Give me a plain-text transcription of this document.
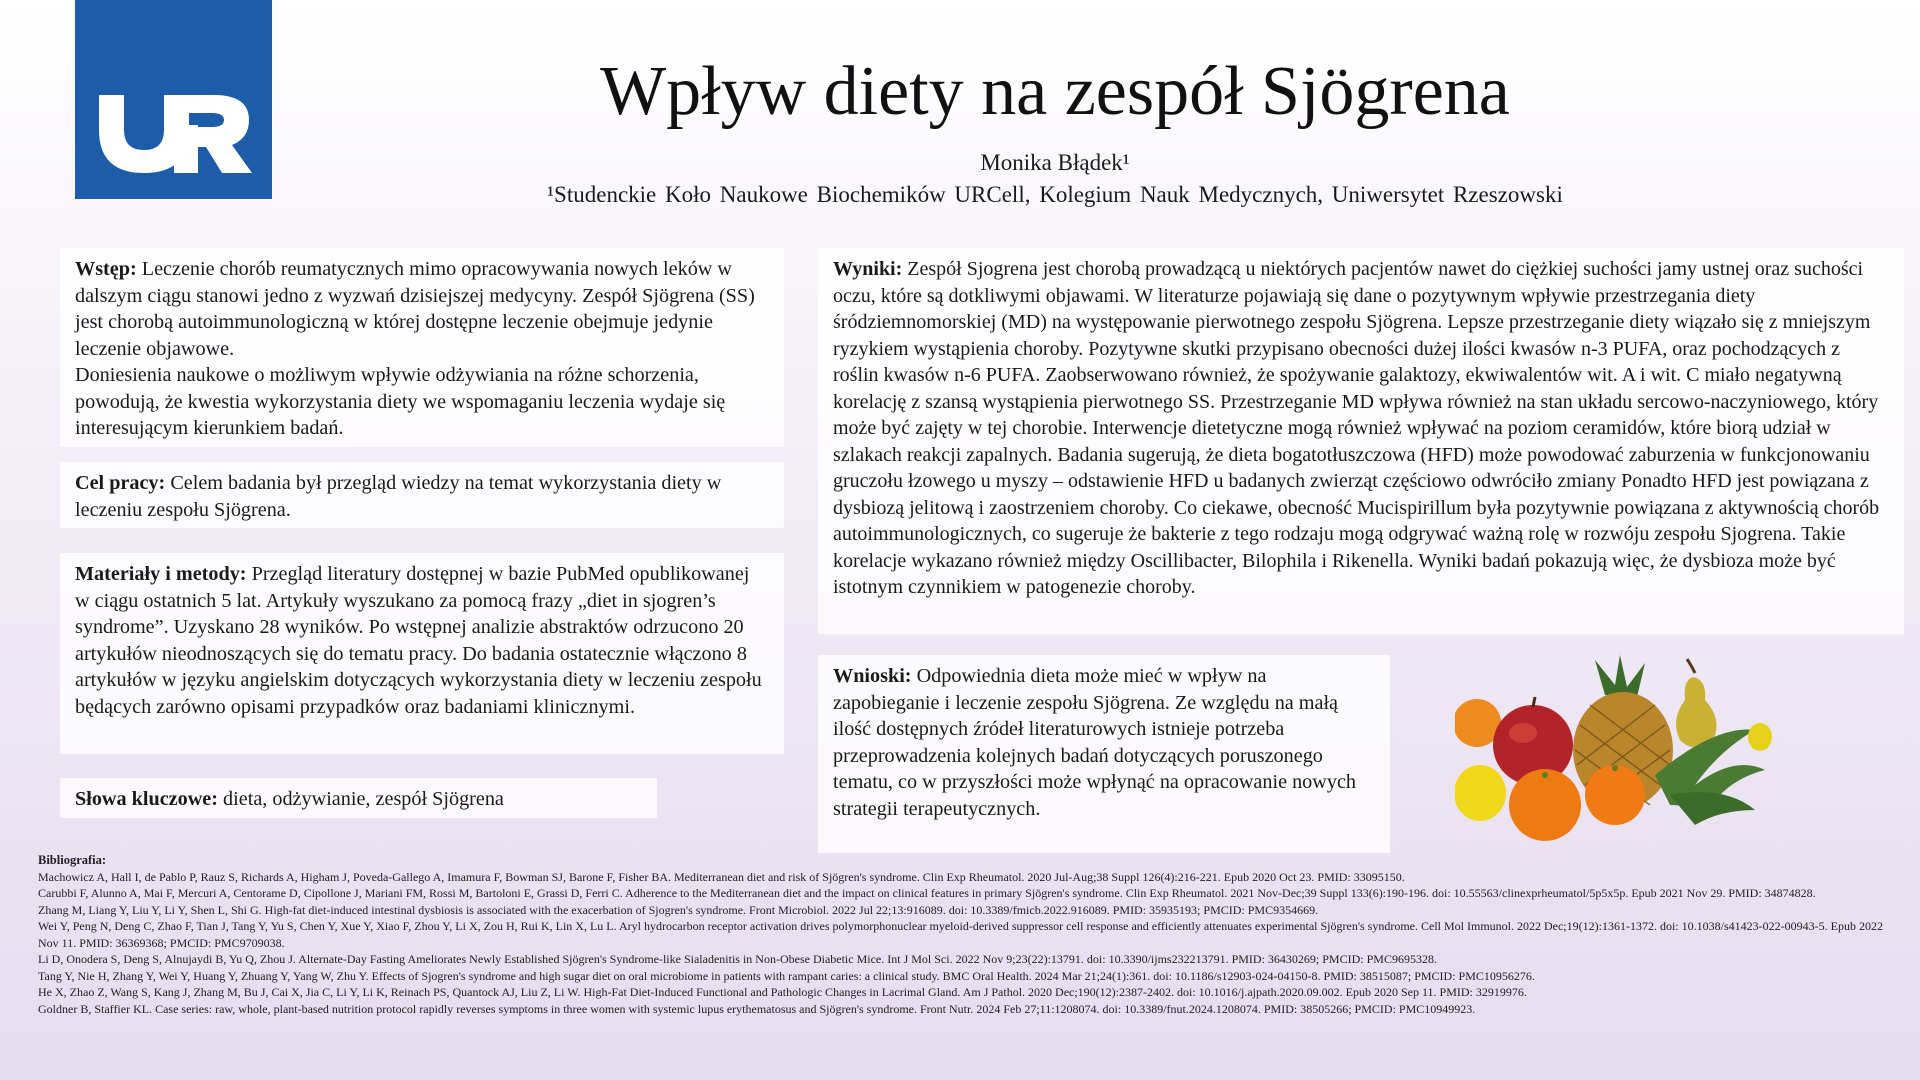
Wpływ diety na zespół Sjögrena
Monika Błądek¹
¹Studenckie Koło Naukowe Biochemików URCell, Kolegium Nauk Medycznych, Uniwersytet Rzeszowski
Wstęp: Leczenie chorób reumatycznych mimo opracowywania nowych leków w dalszym ciągu stanowi jedno z wyzwań dzisiejszej medycyny. Zespół Sjögrena (SS) jest chorobą autoimmunologiczną w której dostępne leczenie obejmuje jedynie leczenie objawowe.
Doniesienia naukowe o możliwym wpływie odżywiania na różne schorzenia, powodują, że kwestia wykorzystania diety we wspomaganiu leczenia wydaje się interesującym kierunkiem badań.
Cel pracy: Celem badania był przegląd wiedzy na temat wykorzystania diety w leczeniu zespołu Sjögrena.
Materiały i metody: Przegląd literatury dostępnej w bazie PubMed opublikowanej w ciągu ostatnich 5 lat. Artykuły wyszukano za pomocą frazy „diet in sjogren’s syndrome”. Uzyskano 28 wyników. Po wstępnej analizie abstraktów odrzucono 20 artykułów nieodnoszących się do tematu pracy. Do badania ostatecznie włączono 8 artykułów w języku angielskim dotyczących wykorzystania diety w leczeniu zespołu będących zarówno opisami przypadków oraz badaniami klinicznymi.
Słowa kluczowe: dieta, odżywianie, zespół Sjögrena
Wyniki: Zespół Sjogrena jest chorobą prowadzącą u niektórych pacjentów nawet do ciężkiej suchości jamy ustnej oraz suchości oczu, które są dotkliwymi objawami. W literaturze pojawiają się dane o pozytywnym wpływie przestrzegania diety śródziemnomorskiej (MD) na występowanie pierwotnego zespołu Sjögrena. Lepsze przestrzeganie diety wiązało się z mniejszym ryzykiem wystąpienia choroby. Pozytywne skutki przypisano obecności dużej ilości kwasów n-3 PUFA, oraz pochodzących z roślin kwasów n-6 PUFA. Zaobserwowano również, że spożywanie galaktozy, ekwiwalentów wit. A i wit. C miało negatywną korelację z szansą wystąpienia pierwotnego SS. Przestrzeganie MD wpływa również na stan układu sercowo-naczyniowego, który może być zajęty w tej chorobie. Interwencje dietetyczne mogą również wpływać na poziom ceramidów, które biorą udział w szlakach reakcji zapalnych. Badania sugerują, że dieta bogatotłuszczowa (HFD) może powodować zaburzenia w funkcjonowaniu gruczołu łzowego u myszy – odstawienie HFD u badanych zwierząt częściowo odwróciło zmiany Ponadto HFD jest powiązana z dysbiozą jelitową i zaostrzeniem choroby. Co ciekawe, obecność Mucispirillum była pozytywnie powiązana z aktywnością chorób autoimmunologicznych, co sugeruje że bakterie z tego rodzaju mogą odgrywać ważną rolę w rozwóju zespołu Sjogrena. Takie korelacje wykazano również między Oscillibacter, Bilophila i Rikenella. Wyniki badań pokazują więc, że dysbioza może być istotnym czynnikiem w patogenezie choroby.
Wnioski: Odpowiednia dieta może mieć w wpływ na zapobieganie i leczenie zespołu Sjögrena. Ze względu na małą ilość dostępnych źródeł literaturowych istnieje potrzeba przeprowadzenia kolejnych badań dotyczących poruszonego tematu, co w przyszłości może wpłynąć na opracowanie nowych strategii terapeutycznych.
Bibliografia:
Machowicz A, Hall I, de Pablo P, Rauz S, Richards A, Higham J, Poveda-Gallego A, Imamura F, Bowman SJ, Barone F, Fisher BA. Mediterranean diet and risk of Sjögren's syndrome. Clin Exp Rheumatol. 2020 Jul-Aug;38 Suppl 126(4):216-221. Epub 2020 Oct 23. PMID: 33095150.
Carubbi F, Alunno A, Mai F, Mercuri A, Centorame D, Cipollone J, Mariani FM, Rossi M, Bartoloni E, Grassi D, Ferri C. Adherence to the Mediterranean diet and the impact on clinical features in primary Sjögren's syndrome. Clin Exp Rheumatol. 2021 Nov-Dec;39 Suppl 133(6):190-196. doi: 10.55563/clinexprheumatol/5p5x5p. Epub 2021 Nov 29. PMID: 34874828.
Zhang M, Liang Y, Liu Y, Li Y, Shen L, Shi G. High-fat diet-induced intestinal dysbiosis is associated with the exacerbation of Sjogren's syndrome. Front Microbiol. 2022 Jul 22;13:916089. doi: 10.3389/fmicb.2022.916089. PMID: 35935193; PMCID: PMC9354669.
Wei Y, Peng N, Deng C, Zhao F, Tian J, Tang Y, Yu S, Chen Y, Xue Y, Xiao F, Zhou Y, Li X, Zou H, Rui K, Lin X, Lu L. Aryl hydrocarbon receptor activation drives polymorphonuclear myeloid-derived suppressor cell response and efficiently attenuates experimental Sjögren's syndrome. Cell Mol Immunol. 2022 Dec;19(12):1361-1372. doi: 10.1038/s41423-022-00943-5. Epub 2022 Nov 11. PMID: 36369368; PMCID: PMC9709038.
Li D, Onodera S, Deng S, Alnujaydi B, Yu Q, Zhou J. Alternate-Day Fasting Ameliorates Newly Established Sjögren's Syndrome-like Sialadenitis in Non-Obese Diabetic Mice. Int J Mol Sci. 2022 Nov 9;23(22):13791. doi: 10.3390/ijms232213791. PMID: 36430269; PMCID: PMC9695328.
Tang Y, Nie H, Zhang Y, Wei Y, Huang Y, Zhuang Y, Yang W, Zhu Y. Effects of Sjogren's syndrome and high sugar diet on oral microbiome in patients with rampant caries: a clinical study. BMC Oral Health. 2024 Mar 21;24(1):361. doi: 10.1186/s12903-024-04150-8. PMID: 38515087; PMCID: PMC10956276.
He X, Zhao Z, Wang S, Kang J, Zhang M, Bu J, Cai X, Jia C, Li Y, Li K, Reinach PS, Quantock AJ, Liu Z, Li W. High-Fat Diet-Induced Functional and Pathologic Changes in Lacrimal Gland. Am J Pathol. 2020 Dec;190(12):2387-2402. doi: 10.1016/j.ajpath.2020.09.002. Epub 2020 Sep 11. PMID: 32919976.
Goldner B, Staffier KL. Case series: raw, whole, plant-based nutrition protocol rapidly reverses symptoms in three women with systemic lupus erythematosus and Sjögren's syndrome. Front Nutr. 2024 Feb 27;11:1208074. doi: 10.3389/fnut.2024.1208074. PMID: 38505266; PMCID: PMC10949923.
